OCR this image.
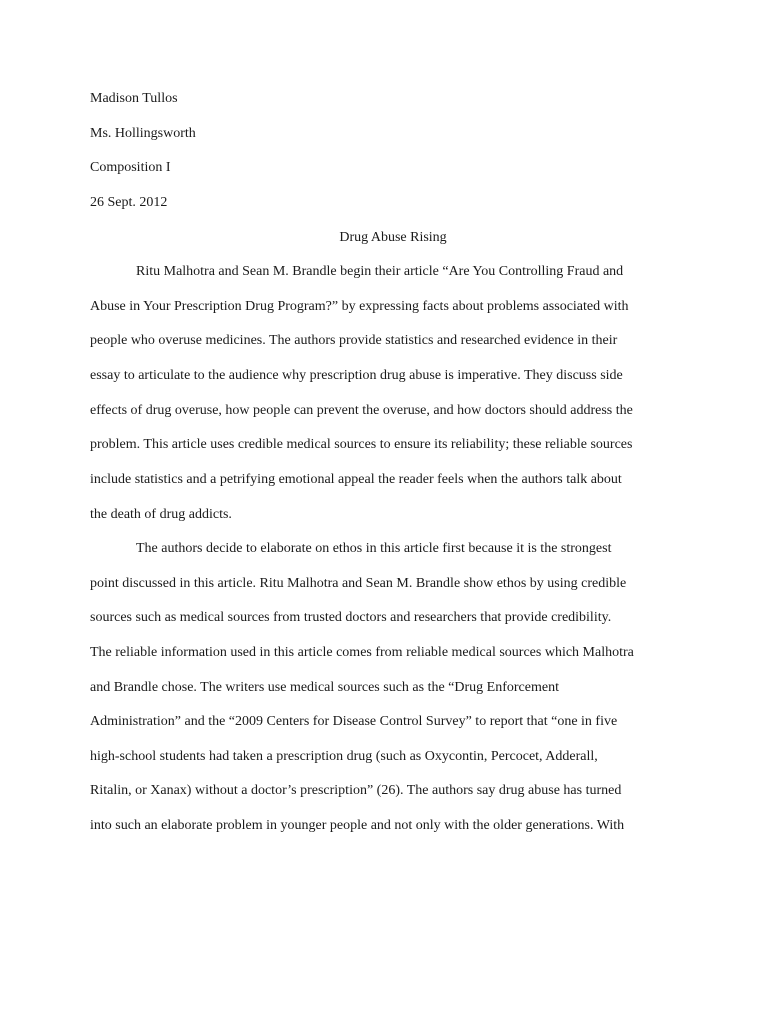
Madison Tullos
Ms. Hollingsworth
Composition I
26 Sept. 2012
Drug Abuse Rising
Ritu Malhotra and Sean M. Brandle begin their article “Are You Controlling Fraud and
Abuse in Your Prescription Drug Program?” by expressing facts about problems associated with
people who overuse medicines. The authors provide statistics and researched evidence in their
essay to articulate to the audience why prescription drug abuse is imperative. They discuss side
effects of drug overuse, how people can prevent the overuse, and how doctors should address the
problem. This article uses credible medical sources to ensure its reliability; these reliable sources
include statistics and a petrifying emotional appeal the reader feels when the authors talk about
the death of drug addicts.
The authors decide to elaborate on ethos in this article first because it is the strongest
point discussed in this article. Ritu Malhotra and Sean M. Brandle show ethos by using credible
sources such as medical sources from trusted doctors and researchers that provide credibility.
The reliable information used in this article comes from reliable medical sources which Malhotra
and Brandle chose. The writers use medical sources such as the “Drug Enforcement
Administration” and the “2009 Centers for Disease Control Survey” to report that “one in five
high-school students had taken a prescription drug (such as Oxycontin, Percocet, Adderall,
Ritalin, or Xanax) without a doctor’s prescription” (26). The authors say drug abuse has turned
into such an elaborate problem in younger people and not only with the older generations. With
